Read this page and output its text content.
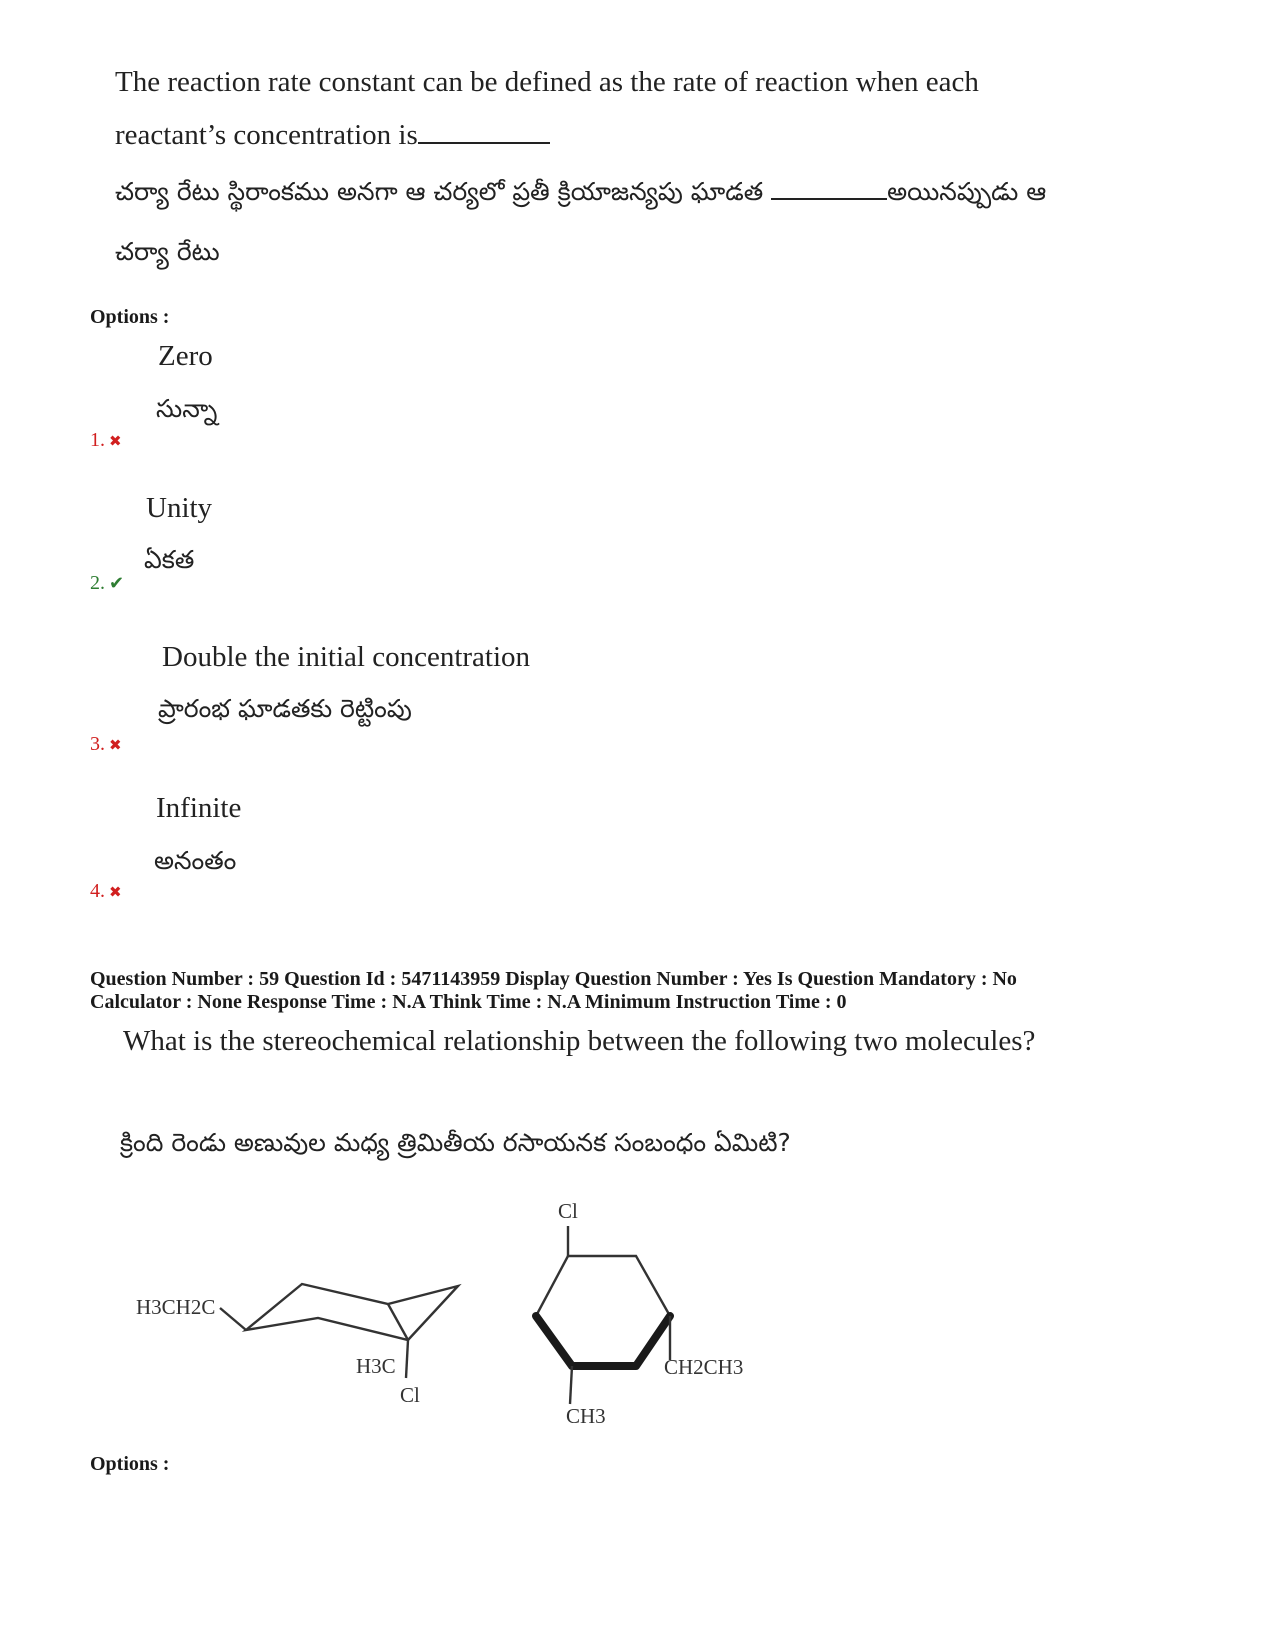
The reaction rate constant can be defined as the rate of reaction when each
reactant’s concentration is
చర్యా రేటు స్థిరాంకము అనగా ఆ చర్యలో ప్రతీ క్రియాజన్యపు ఘాడత	అయినప్పుడు ఆ
చర్యా రేటు
Options :
Zero
సున్నా
1. ✖
Unity
ఏకత
2. ✔
Double the initial concentration
ప్రారంభ ఘాడతకు రెట్టింపు
3. ✖
Infinite
అనంతం
4. ✖
Question Number : 59 Question Id : 5471143959 Display Question Number : Yes Is Question Mandatory : No
Calculator : None Response Time : N.A Think Time : N.A Minimum Instruction Time : 0
What is the stereochemical relationship between the following two molecules?
క్రింది రెండు అణువుల మధ్య త్రిమితీయ రసాయనక సంబంధం ఏమిటి?
H3CH2C
H3C
Cl
Cl
CH2CH3
CH3
Options :
